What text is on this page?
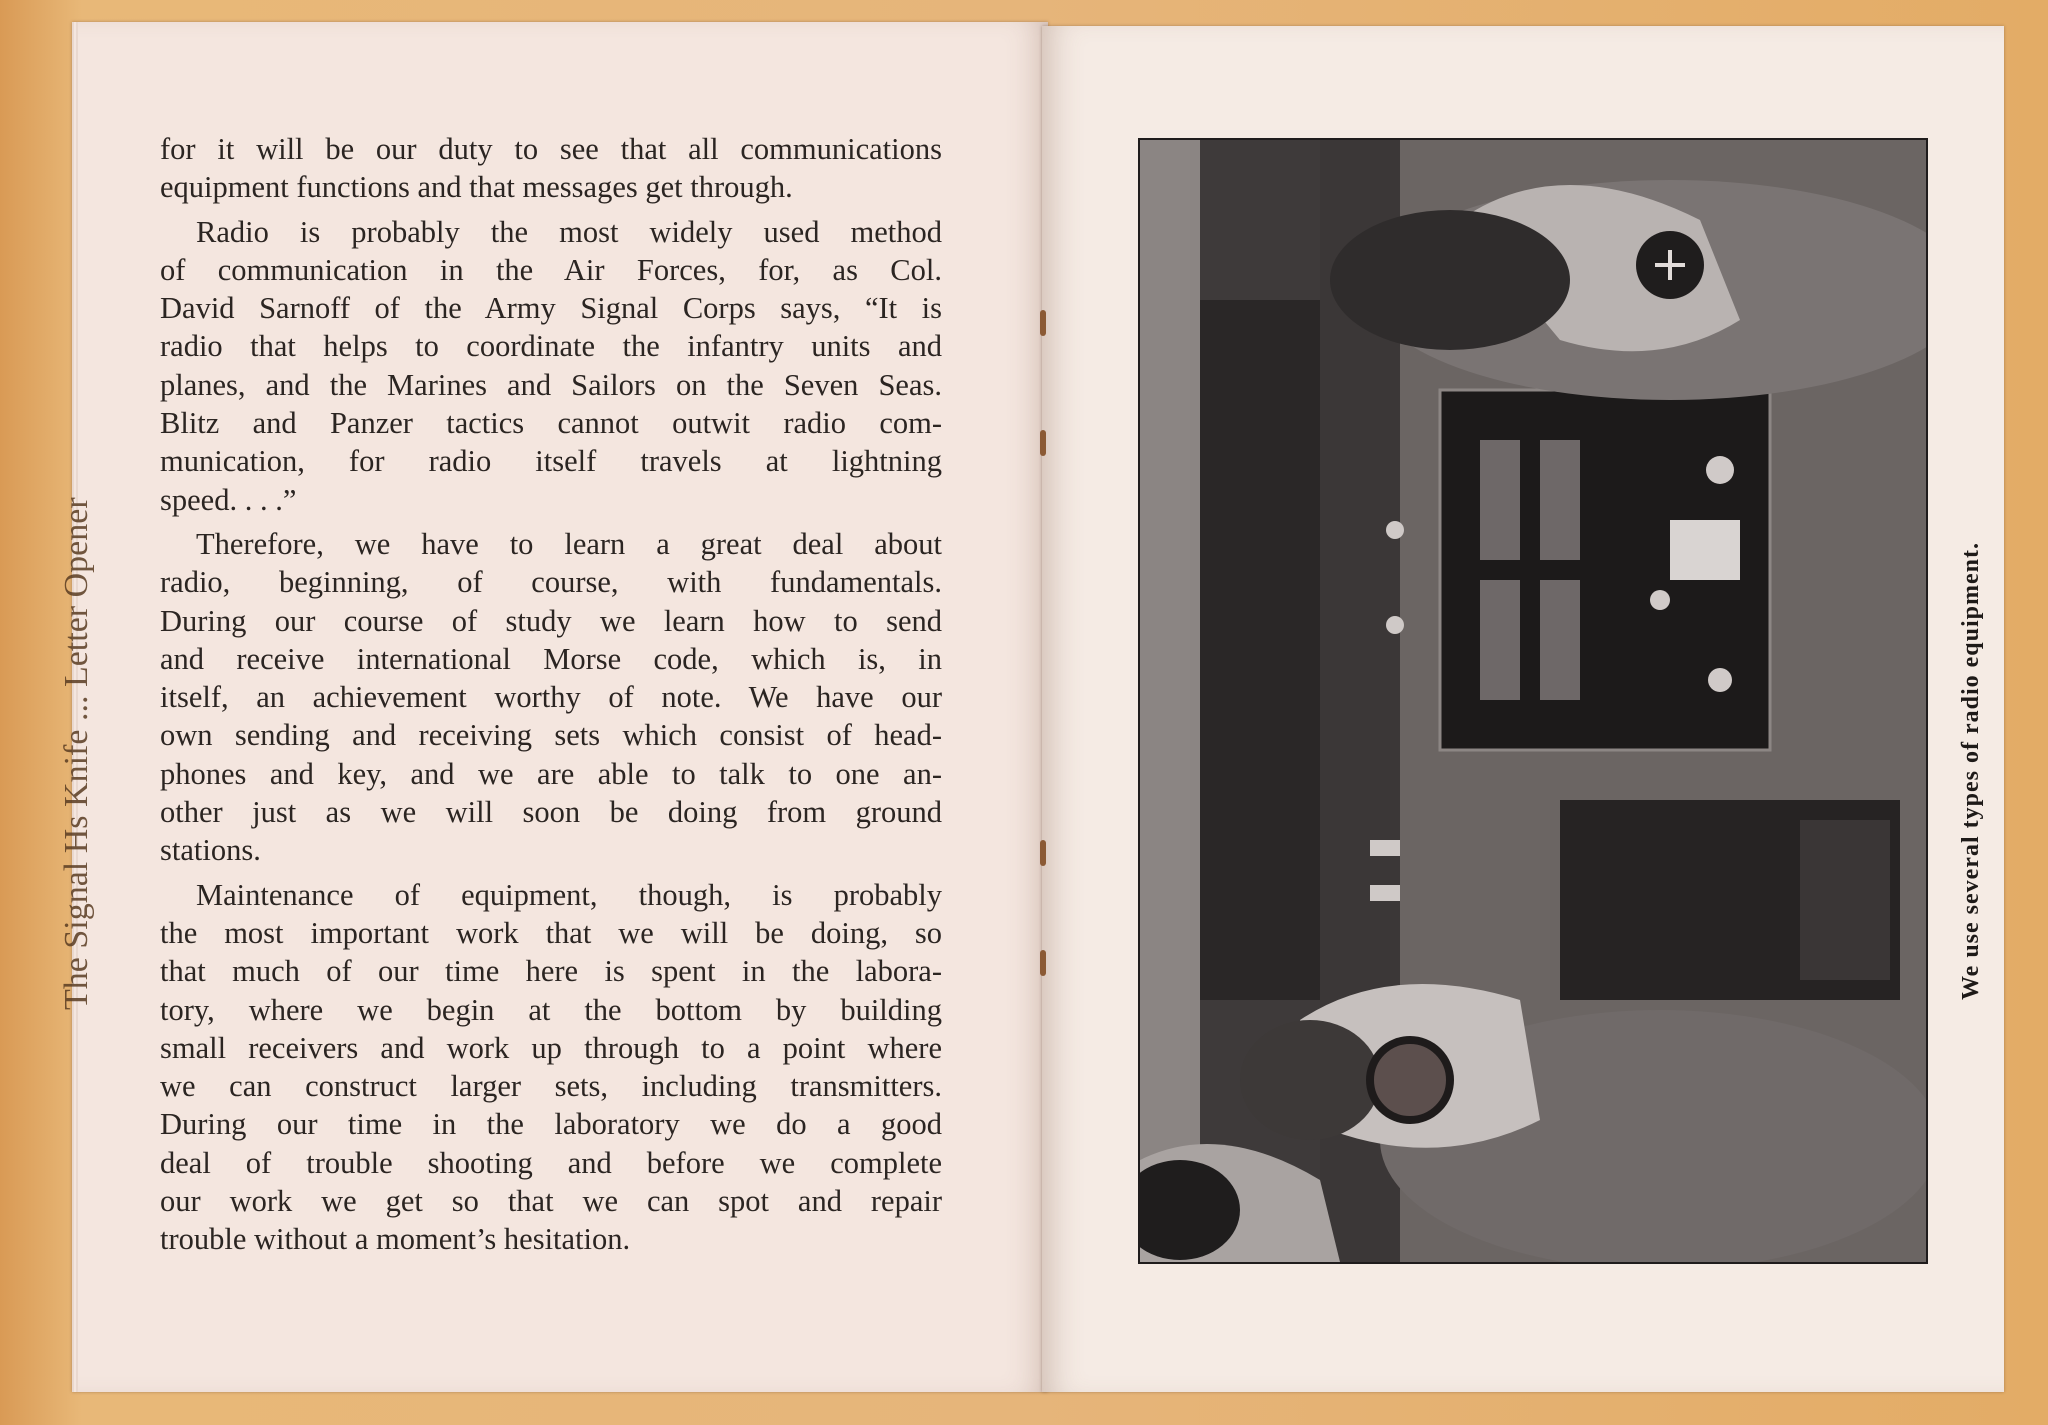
The Signal Hs Knife ... Letter Opener
for it will be our duty to see that all communications
equipment functions and that messages get through.
Radio is probably the most widely used method
of communication in the Air Forces, for, as Col.
David Sarnoff of the Army Signal Corps says, “It is
radio that helps to coordinate the infantry units and
planes, and the Marines and Sailors on the Seven Seas.
Blitz and Panzer tactics cannot outwit radio com-
munication, for radio itself travels at lightning
speed. . . .”
Therefore, we have to learn a great deal about
radio, beginning, of course, with fundamentals.
During our course of study we learn how to send
and receive international Morse code, which is, in
itself, an achievement worthy of note. We have our
own sending and receiving sets which consist of head-
phones and key, and we are able to talk to one an-
other just as we will soon be doing from ground
stations.
Maintenance of equipment, though, is probably
the most important work that we will be doing, so
that much of our time here is spent in the labora-
tory, where we begin at the bottom by building
small receivers and work up through to a point where
we can construct larger sets, including transmitters.
During our time in the laboratory we do a good
deal of trouble shooting and before we complete
our work we get so that we can spot and repair
trouble without a moment’s hesitation.
We use several types of radio equipment.
